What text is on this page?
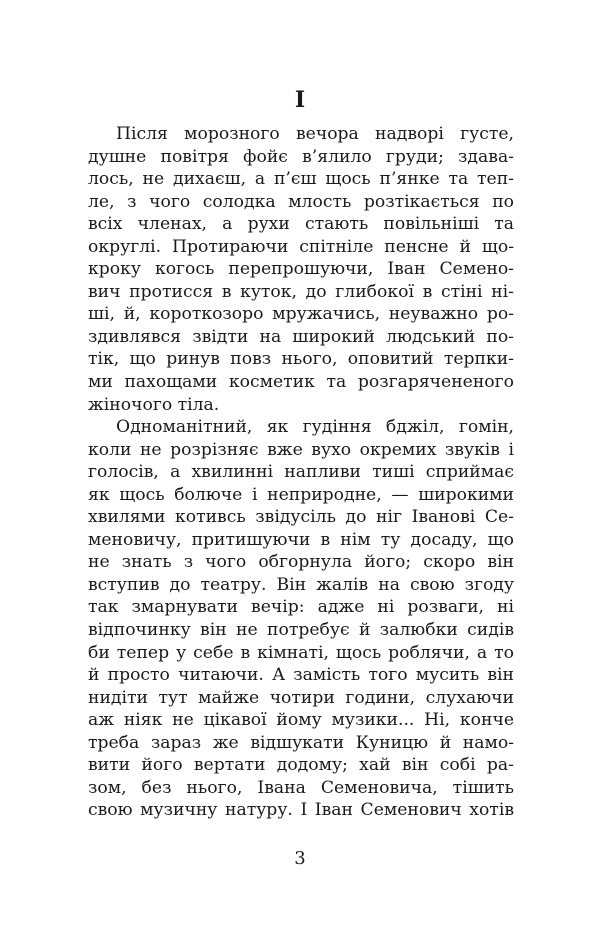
I
Після морозного вечора надворі густе,
душне повітря фойє в’ялило груди; здава-
лось, не дихаєш, а п’єш щось п’янке та теп-
ле, з чого солодка млость розтікається по
всіх членах, а рухи стають повільніші та
округлі. Протираючи спітніле пенсне й що-
кроку когось перепрошуючи, Іван Семено-
вич протисся в куток, до глибокої в стіні ні-
ші, й, короткозоро мружачись, неуважно ро-
здивлявся звідти на широкий людський по-
тік, що ринув повз нього, оповитий терпки-
ми пахощами косметик та розгарячененого
жіночого тіла.
Одноманітний, як гудіння бджіл, гомін,
коли не розрізняє вже вухо окремих звуків і
голосів, а хвилинні напливи тиші сприймає
як щось болюче і неприродне, — широкими
хвилями котивсь звідусіль до ніг Іванові Се-
меновичу, притишуючи в нім ту досаду, що
не знать з чого обгорнула його; скоро він
вступив до театру. Він жалів на свою згоду
так змарнувати вечір: адже ні розваги, ні
відпочинку він не потребує й залюбки сидів
би тепер у себе в кімнаті, щось роблячи, а то
й просто читаючи. А замість того мусить він
нидіти тут майже чотири години, слухаючи
аж ніяк не цікавої йому музики... Ні, конче
треба зараз же відшукати Куницю й намо-
вити його вертати додому; хай він собі ра-
зом, без нього, Івана Семеновича, тішить
свою музичну натуру. І Іван Семенович хотів
3
